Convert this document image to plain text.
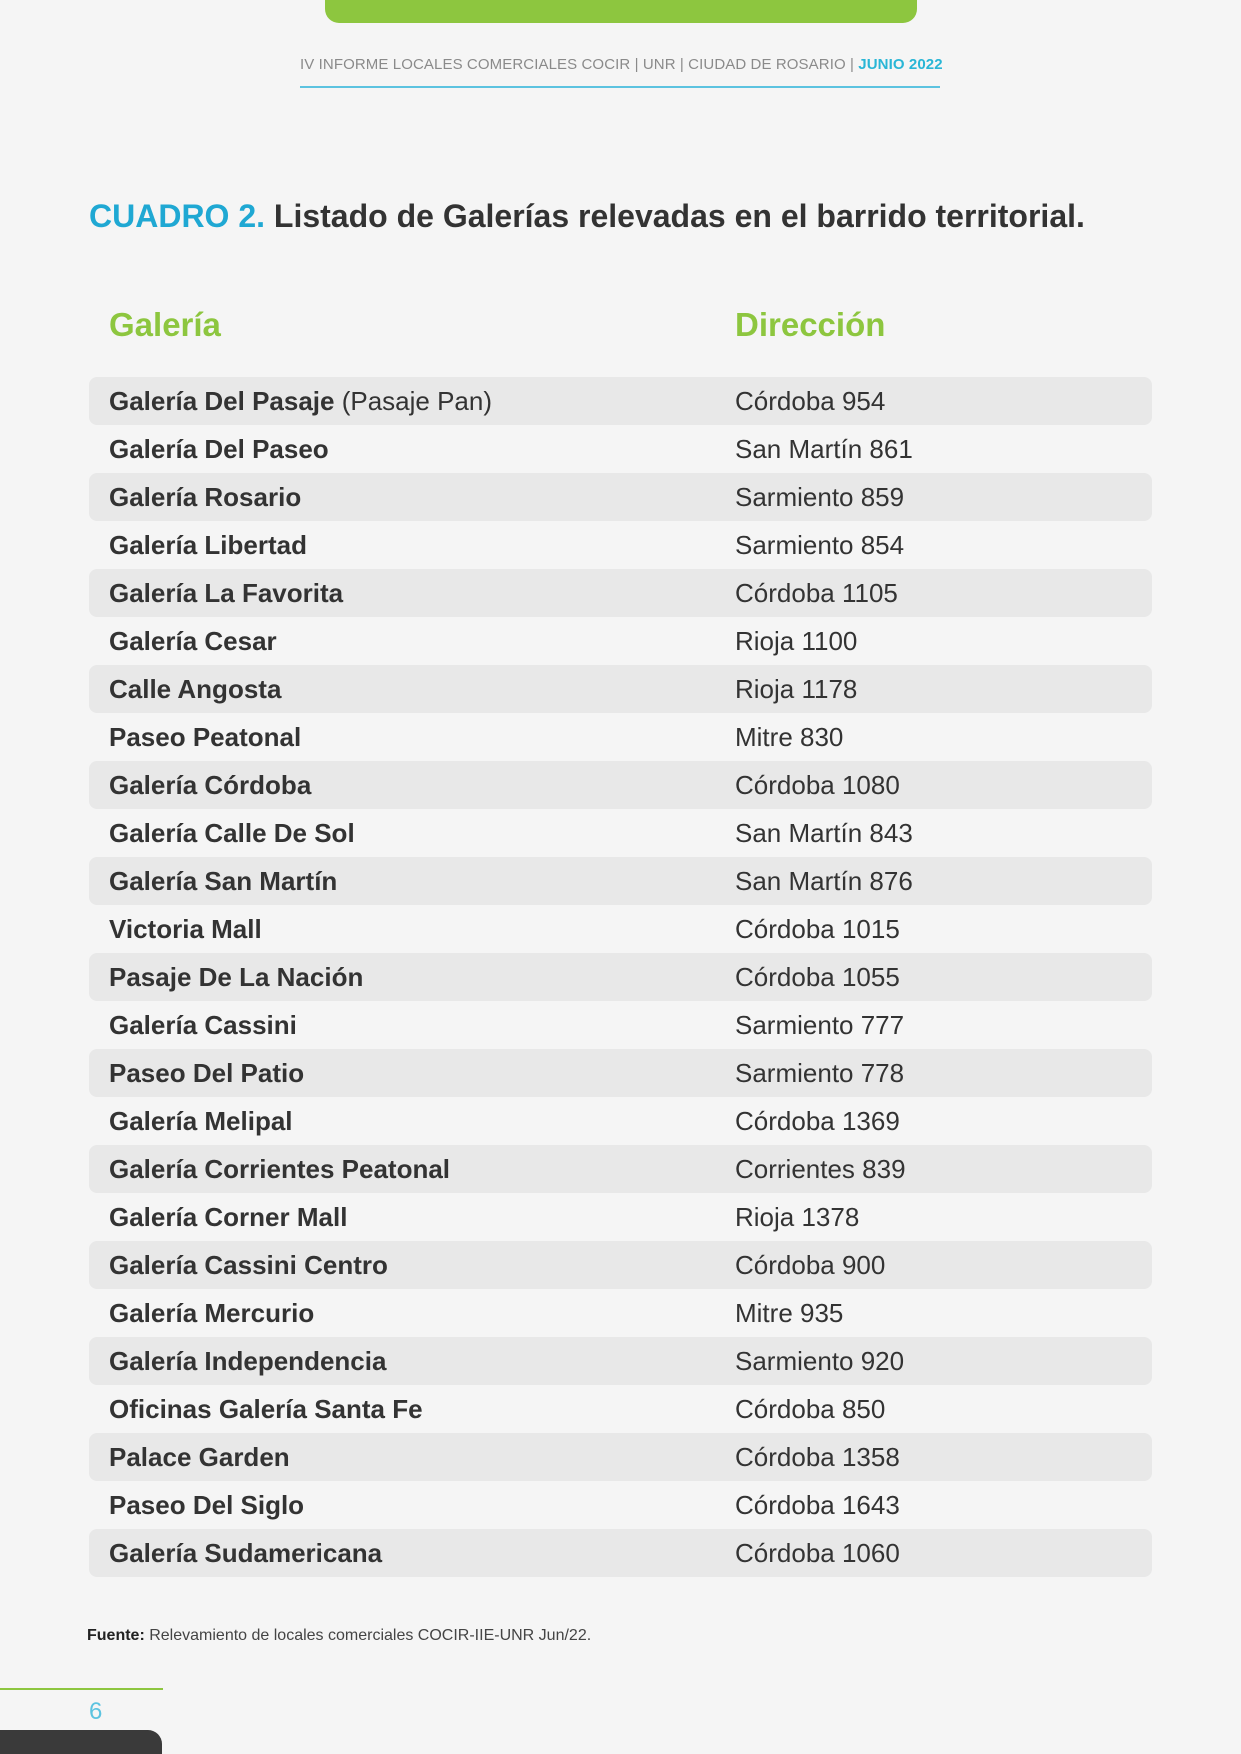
IV INFORME LOCALES COMERCIALES COCIR | UNR | CIUDAD DE ROSARIO | JUNIO 2022
CUADRO 2. Listado de Galerías relevadas en el barrido territorial.
Galería	Dirección
Galería Del Pasaje (Pasaje Pan)	Córdoba 954
Galería Del Paseo	San Martín 861
Galería Rosario	Sarmiento 859
Galería Libertad	Sarmiento 854
Galería La Favorita	Córdoba 1105
Galería Cesar	Rioja 1100
Calle Angosta	Rioja 1178
Paseo Peatonal	Mitre 830
Galería Córdoba	Córdoba 1080
Galería Calle De Sol	San Martín 843
Galería San Martín	San Martín 876
Victoria Mall	Córdoba 1015
Pasaje De La Nación	Córdoba 1055
Galería Cassini	Sarmiento 777
Paseo Del Patio	Sarmiento 778
Galería Melipal	Córdoba 1369
Galería Corrientes Peatonal	Corrientes 839
Galería Corner Mall	Rioja 1378
Galería Cassini Centro	Córdoba 900
Galería Mercurio	Mitre 935
Galería Independencia	Sarmiento 920
Oficinas Galería Santa Fe	Córdoba 850
Palace Garden	Córdoba 1358
Paseo Del Siglo	Córdoba 1643
Galería Sudamericana	Córdoba 1060
Fuente: Relevamiento de locales comerciales COCIR-IIE-UNR Jun/22.
6
